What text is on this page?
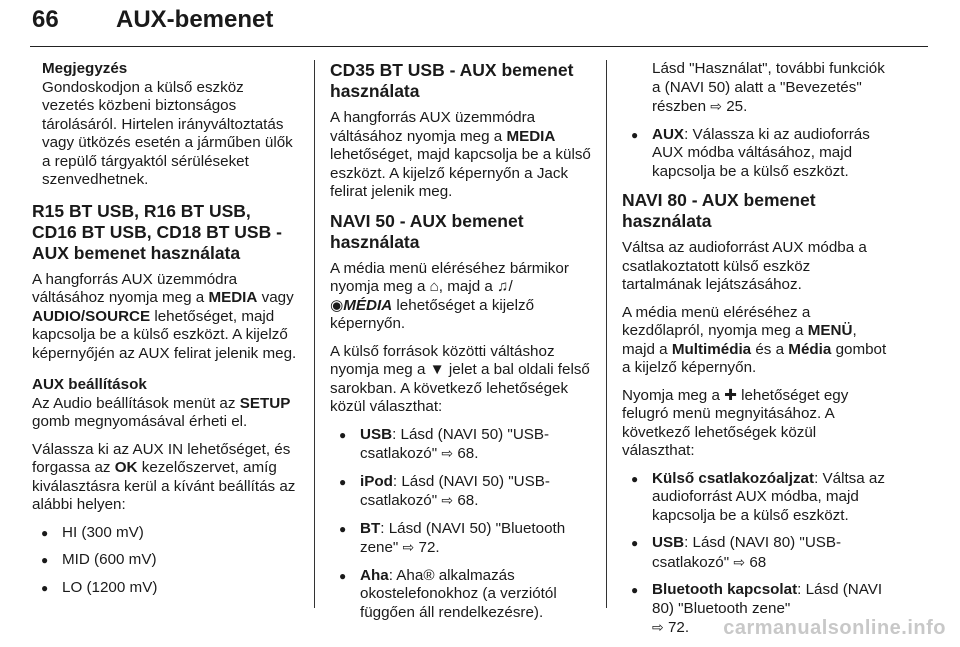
66 AUX-bemenet
Megjegyzés
Gondoskodjon a külső eszköz vezetés közbeni biztonságos tárolásáról. Hirtelen irányváltoztatás vagy ütközés esetén a járműben ülők a repülő tárgyaktól sérüléseket szenvedhetnek.
R15 BT USB, R16 BT USB, CD16 BT USB, CD18 BT USB - AUX bemenet használata

A hangforrás AUX üzemmódra váltásához nyomja meg a MEDIA vagy AUDIO/SOURCE lehetőséget, majd kapcsolja be a külső eszközt. A kijelző képernyőjén az AUX felirat jelenik meg.

AUX beállítások

Az Audio beállítások menüt az SETUP gomb megnyomásával érheti el.

Válassza ki az AUX IN lehetőséget, és forgassa az OK kezelőszervet, amíg kiválasztásra kerül a kívánt beállítás az alábbi helyen:

● HI (300 mV)
● MID (600 mV)
● LO (1200 mV)
CD35 BT USB - AUX bemenet használata

A hangforrás AUX üzemmódra váltásához nyomja meg a MEDIA lehetőséget, majd kapcsolja be a külső eszközt. A kijelző képernyőn a Jack felirat jelenik meg.

NAVI 50 - AUX bemenet használata

A média menü eléréséhez bármikor nyomja meg a ⌂, majd a ♫/
◉MÉDIA lehetőséget a kijelző képernyőn.

A külső források közötti váltáshoz nyomja meg a ▼ jelet a bal oldali felső sarokban. A következő lehetőségek közül választhat:

● USB: Lásd (NAVI 50) "USB-csatlakozó" ⇨ 68.
● iPod: Lásd (NAVI 50) "USB-csatlakozó" ⇨ 68.
● BT: Lásd (NAVI 50) "Bluetooth zene" ⇨ 72.
● Aha: Aha® alkalmazás okostelefonokhoz (a verziótól függően áll rendelkezésre).

Lásd "Használat", további funkciók a (NAVI 50) alatt a "Bevezetés" részben ⇨ 25.

● AUX: Válassza ki az audioforrás AUX módba váltásához, majd kapcsolja be a külső eszközt.
NAVI 80 - AUX bemenet használata

Váltsa az audioforrást AUX módba a csatlakoztatott külső eszköz tartalmának lejátszásához.

A média menü eléréséhez a kezdőlapról, nyomja meg a MENÜ, majd a Multimédia és a Média gombot a kijelző képernyőn.

Nyomja meg a ✚ lehetőséget egy felugró menü megnyitásához. A következő lehetőségek közül választhat:

● Külső csatlakozóaljzat: Váltsa az audioforrást AUX módba, majd kapcsolja be a külső eszközt.
● USB: Lásd (NAVI 80) "USB-csatlakozó" ⇨ 68
● Bluetooth kapcsolat: Lásd (NAVI 80) "Bluetooth zene"
⇨ 72.	carmanualsonline.info
